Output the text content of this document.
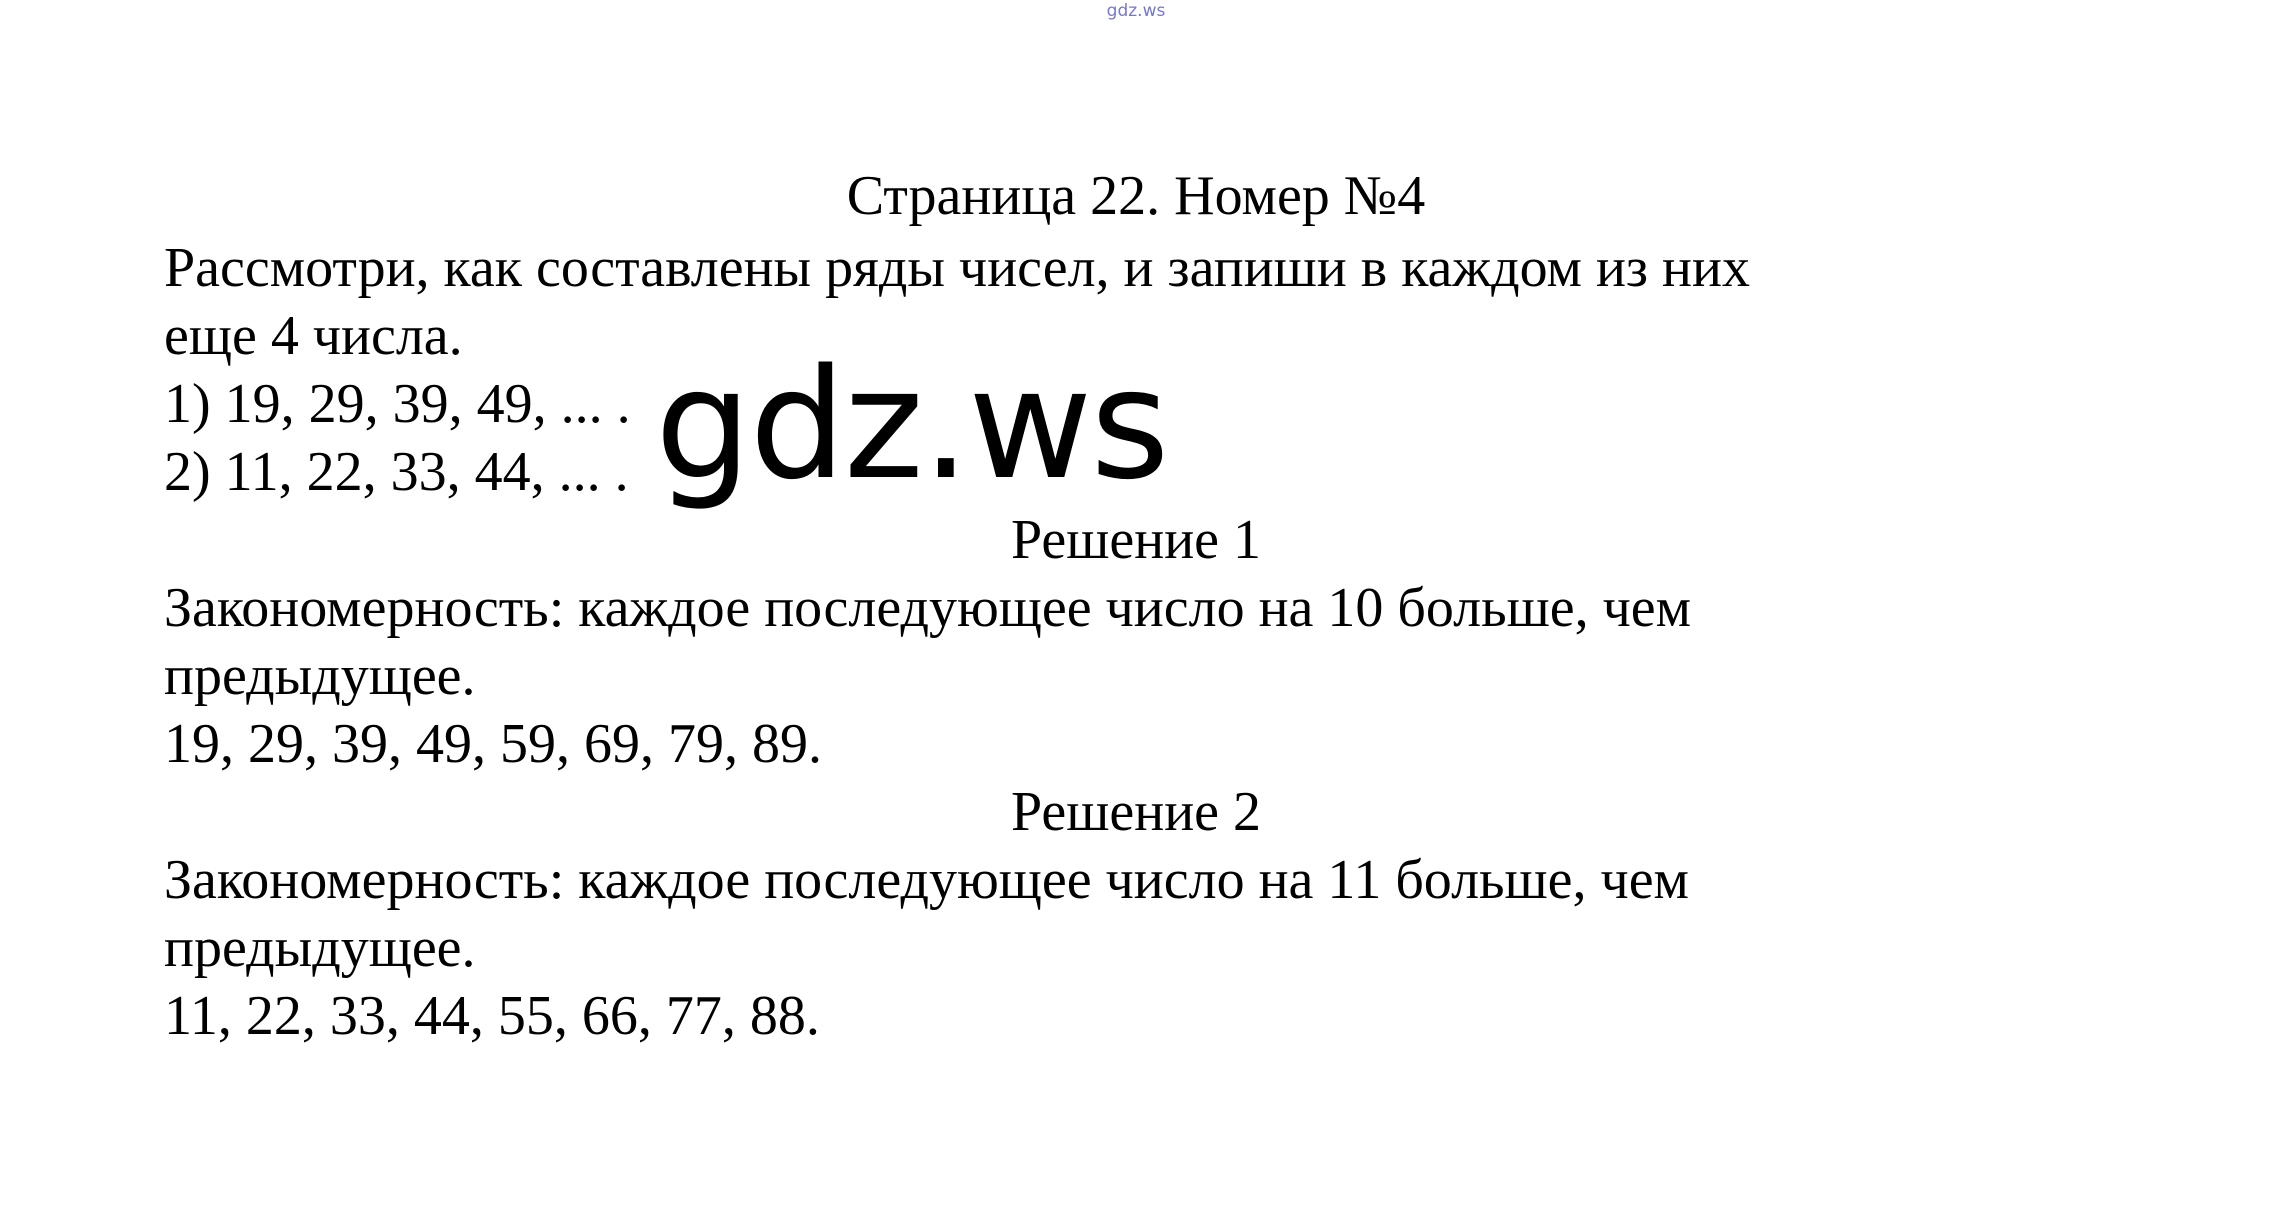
gdz.ws
Страница 22. Номер №4
Рассмотри, как составлены ряды чисел, и запиши в каждом из них
еще 4 числа.
1) 19, 29, 39, 49, ... .
2) 11, 22, 33, 44, ... .
Решение 1
Закономерность: каждое последующее число на 10 больше, чем
предыдущее.
19, 29, 39, 49, 59, 69, 79, 89.
Решение 2
Закономерность: каждое последующее число на 11 больше, чем
предыдущее.
11, 22, 33, 44, 55, 66, 77, 88.
gdz.ws
